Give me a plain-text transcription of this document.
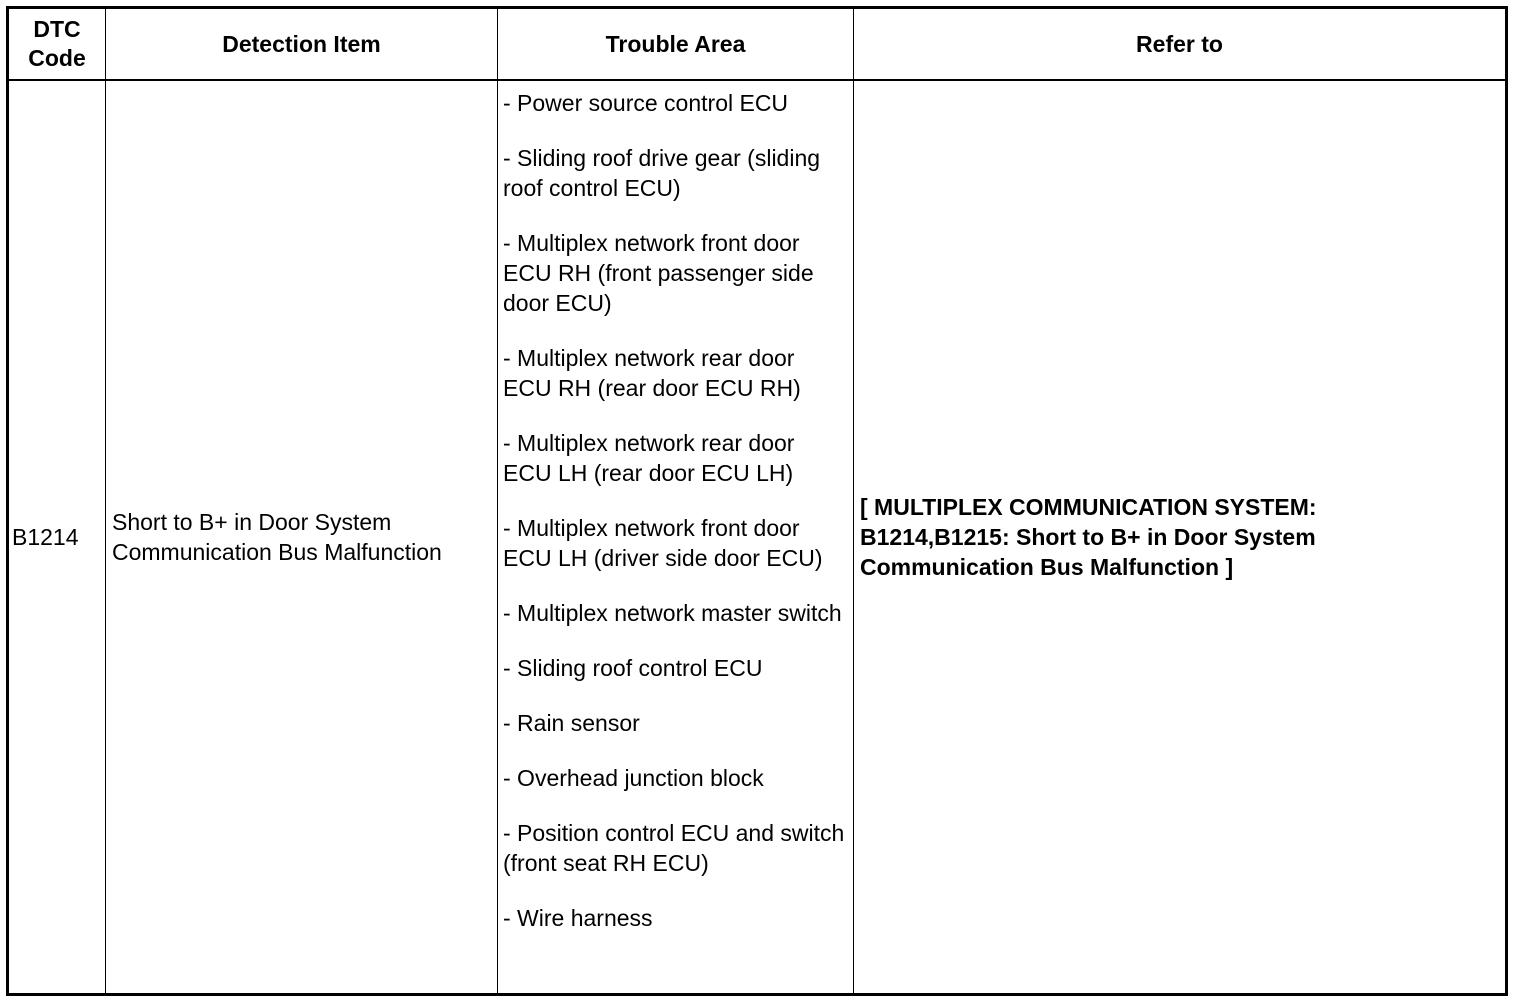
DTC Code
Detection Item	Trouble Area	Refer to
B1214
Short to B+ in Door System Communication Bus Malfunction
- Power source control ECU
- Sliding roof drive gear (sliding roof control ECU)
- Multiplex network front door ECU RH (front passenger side door ECU)
- Multiplex network rear door ECU RH (rear door ECU RH)
- Multiplex network rear door ECU LH (rear door ECU LH)
- Multiplex network front door ECU LH (driver side door ECU)
- Multiplex network master switch
- Sliding roof control ECU
- Rain sensor
- Overhead junction block
- Position control ECU and switch (front seat RH ECU)
- Wire harness
[ MULTIPLEX COMMUNICATION SYSTEM: B1214,B1215: Short to B+ in Door System Communication Bus Malfunction ]
